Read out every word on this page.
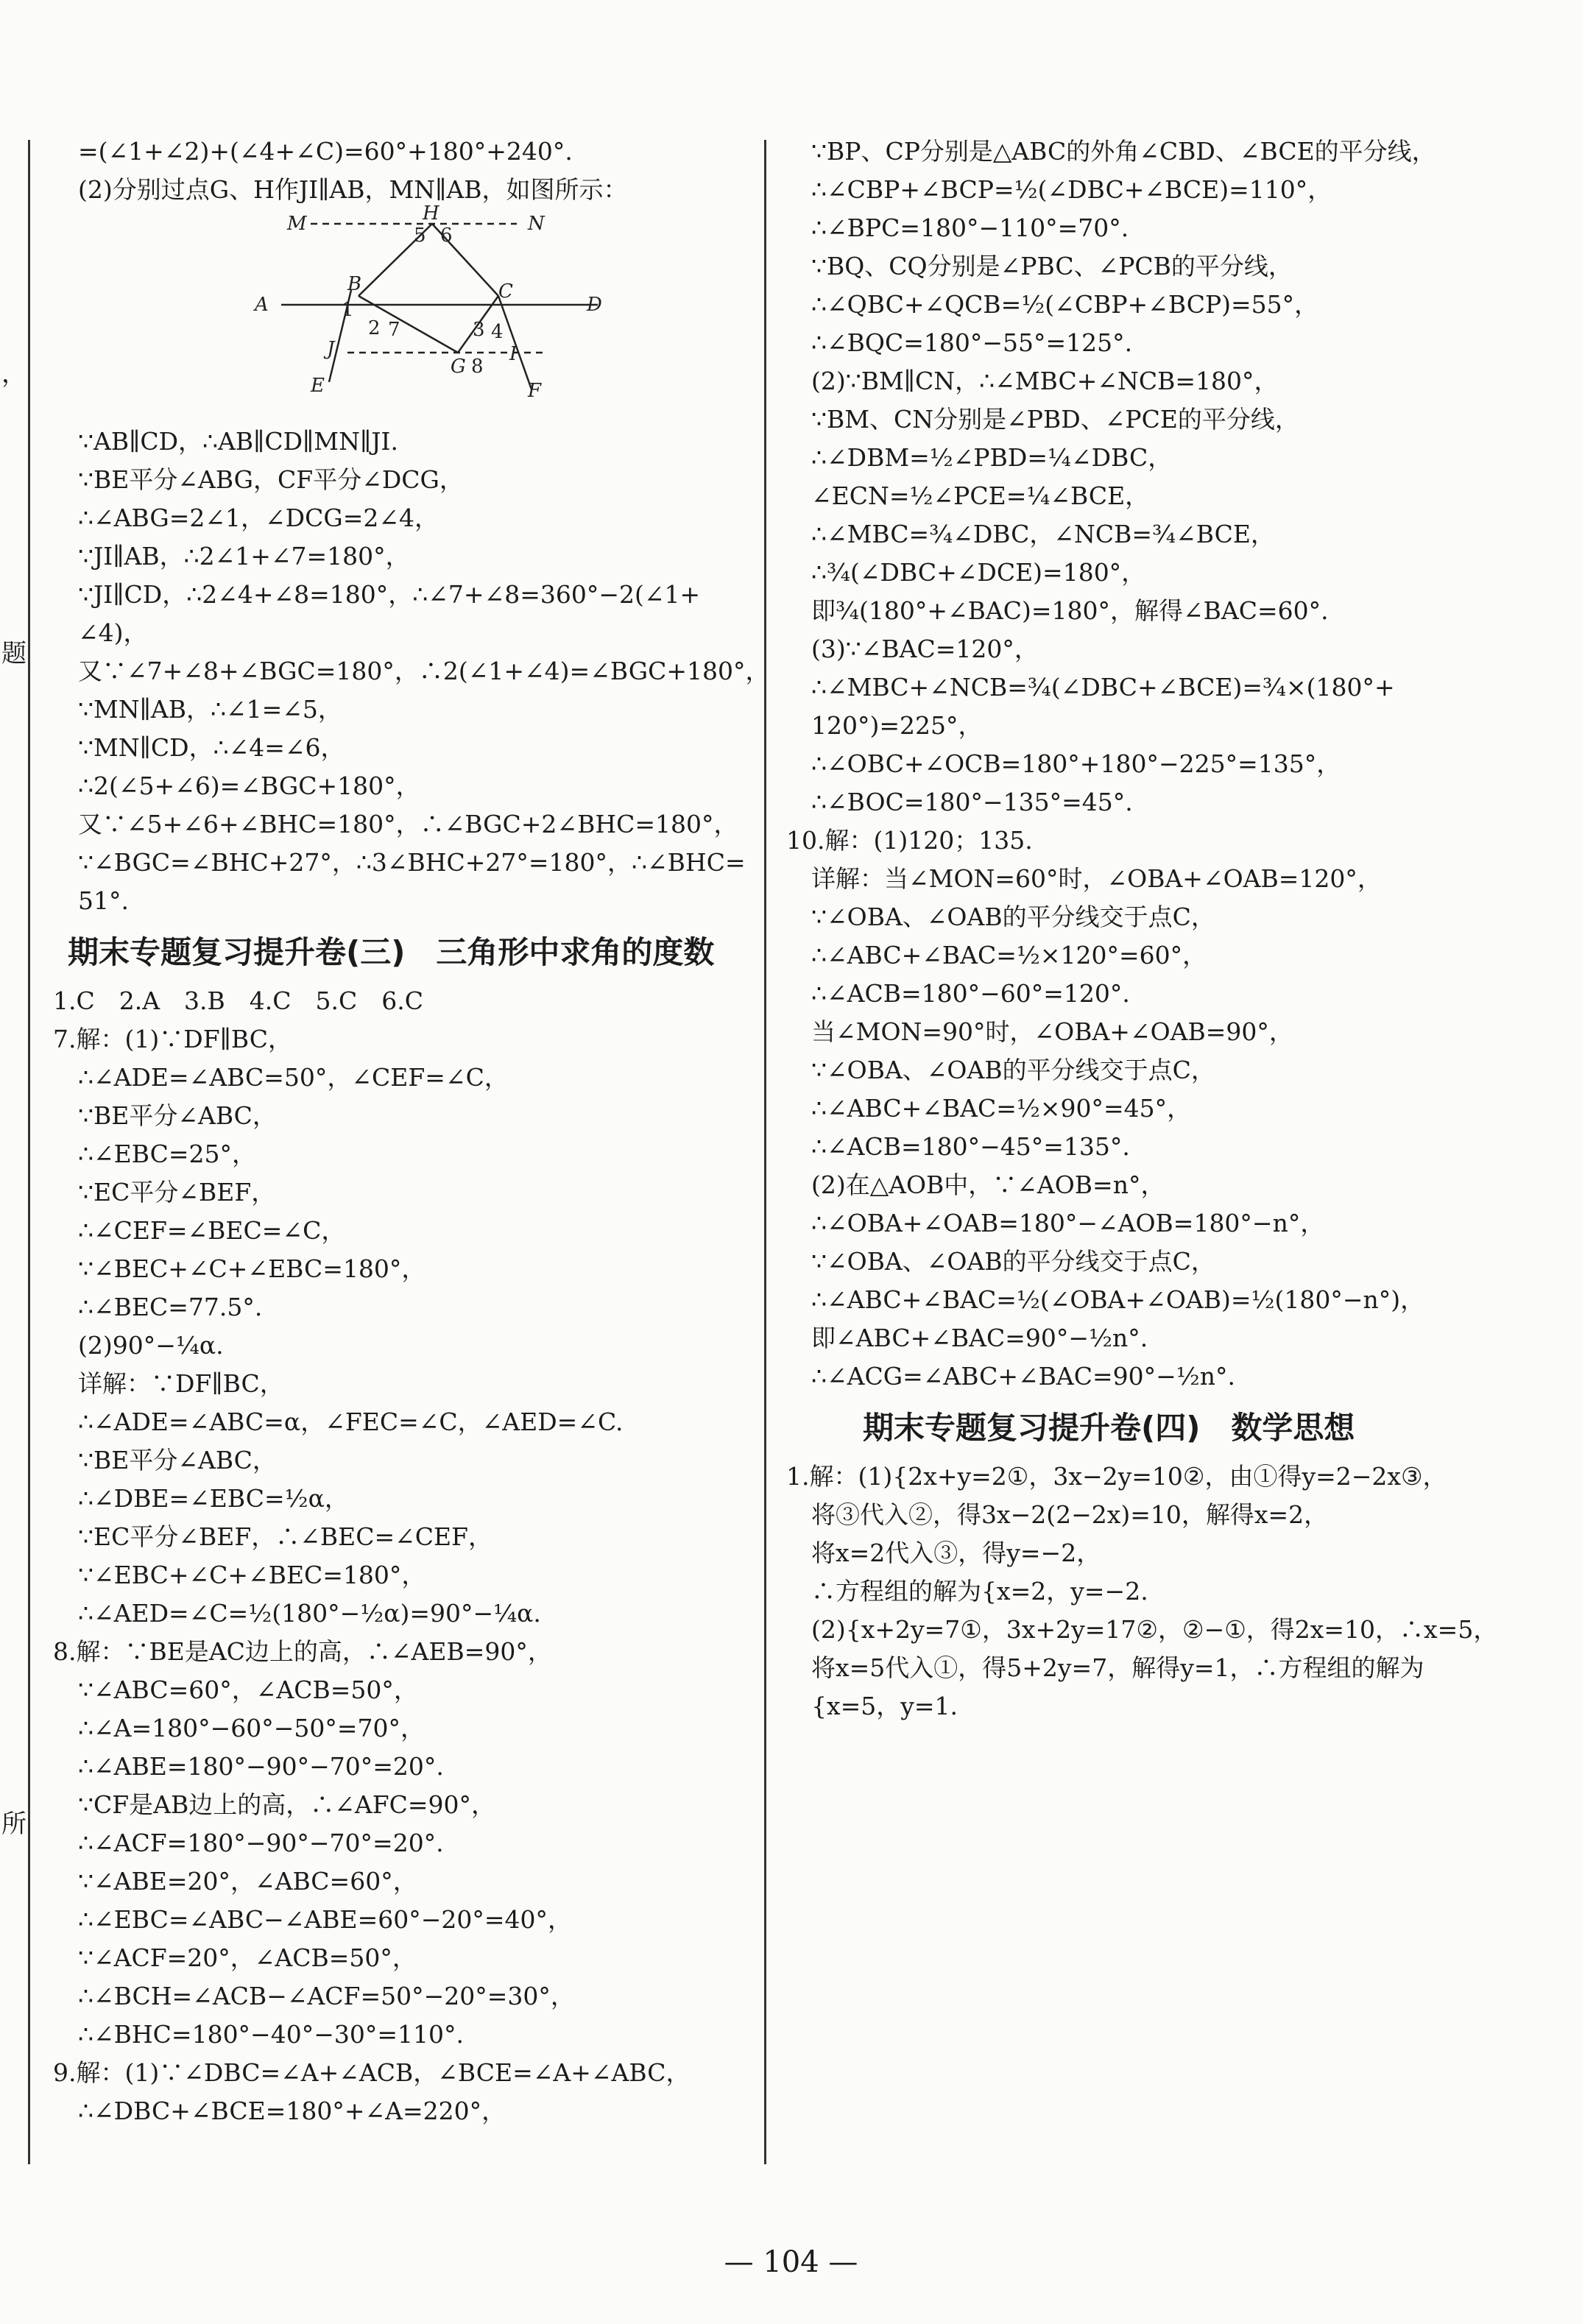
，
题
所
=(∠1+∠2)+(∠4+∠C)=60°+180°+240°.
(2)分别过点G、H作JI∥AB，MN∥AB，如图所示：
M	H	N
5 6
A
B
1
C
D
2 7	3 4
J
E
G 8
I
F
∵AB∥CD，∴AB∥CD∥MN∥JI.
∵BE平分∠ABG，CF平分∠DCG，
∴∠ABG=2∠1，∠DCG=2∠4，
∵JI∥AB，∴2∠1+∠7=180°，
∵JI∥CD，∴2∠4+∠8=180°，∴∠7+∠8=360°−2(∠1+
∠4)，
又∵∠7+∠8+∠BGC=180°，∴2(∠1+∠4)=∠BGC+180°，
∵MN∥AB，∴∠1=∠5，
∵MN∥CD，∴∠4=∠6，
∴2(∠5+∠6)=∠BGC+180°，
又∵∠5+∠6+∠BHC=180°，∴∠BGC+2∠BHC=180°，
∵∠BGC=∠BHC+27°，∴3∠BHC+27°=180°，∴∠BHC=
51°.
期末专题复习提升卷(三)　三角形中求角的度数
1.C　2.A　3.B　4.C　5.C　6.C
7.解：(1)∵DF∥BC，
∴∠ADE=∠ABC=50°，∠CEF=∠C，
∵BE平分∠ABC，
∴∠EBC=25°，
∵EC平分∠BEF，
∴∠CEF=∠BEC=∠C，
∵∠BEC+∠C+∠EBC=180°，
∴∠BEC=77.5°.
(2)90°−¼α.
详解：∵DF∥BC，
∴∠ADE=∠ABC=α，∠FEC=∠C，∠AED=∠C.
∵BE平分∠ABC，
∴∠DBE=∠EBC=½α，
∵EC平分∠BEF，∴∠BEC=∠CEF，
∵∠EBC+∠C+∠BEC=180°，
∴∠AED=∠C=½(180°−½α)=90°−¼α.
8.解：∵BE是AC边上的高，∴∠AEB=90°，
∵∠ABC=60°，∠ACB=50°，
∴∠A=180°−60°−50°=70°，
∴∠ABE=180°−90°−70°=20°.
∵CF是AB边上的高，∴∠AFC=90°，
∴∠ACF=180°−90°−70°=20°.
∵∠ABE=20°，∠ABC=60°，
∴∠EBC=∠ABC−∠ABE=60°−20°=40°，
∵∠ACF=20°，∠ACB=50°，
∴∠BCH=∠ACB−∠ACF=50°−20°=30°，
∴∠BHC=180°−40°−30°=110°.
9.解：(1)∵∠DBC=∠A+∠ACB，∠BCE=∠A+∠ABC，
∴∠DBC+∠BCE=180°+∠A=220°，
∵BP、CP分别是△ABC的外角∠CBD、∠BCE的平分线，
∴∠CBP+∠BCP=½(∠DBC+∠BCE)=110°，
∴∠BPC=180°−110°=70°.
∵BQ、CQ分别是∠PBC、∠PCB的平分线，
∴∠QBC+∠QCB=½(∠CBP+∠BCP)=55°，
∴∠BQC=180°−55°=125°.
(2)∵BM∥CN，∴∠MBC+∠NCB=180°，
∵BM、CN分别是∠PBD、∠PCE的平分线，
∴∠DBM=½∠PBD=¼∠DBC，
∠ECN=½∠PCE=¼∠BCE，
∴∠MBC=¾∠DBC，∠NCB=¾∠BCE，
∴¾(∠DBC+∠DCE)=180°，
即¾(180°+∠BAC)=180°，解得∠BAC=60°.
(3)∵∠BAC=120°，
∴∠MBC+∠NCB=¾(∠DBC+∠BCE)=¾×(180°+
120°)=225°，
∴∠OBC+∠OCB=180°+180°−225°=135°，
∴∠BOC=180°−135°=45°.
10.解：(1)120；135.
详解：当∠MON=60°时，∠OBA+∠OAB=120°，
∵∠OBA、∠OAB的平分线交于点C，
∴∠ABC+∠BAC=½×120°=60°，
∴∠ACB=180°−60°=120°.
当∠MON=90°时，∠OBA+∠OAB=90°，
∵∠OBA、∠OAB的平分线交于点C，
∴∠ABC+∠BAC=½×90°=45°，
∴∠ACB=180°−45°=135°.
(2)在△AOB中，∵∠AOB=n°，
∴∠OBA+∠OAB=180°−∠AOB=180°−n°，
∵∠OBA、∠OAB的平分线交于点C，
∴∠ABC+∠BAC=½(∠OBA+∠OAB)=½(180°−n°)，
即∠ABC+∠BAC=90°−½n°.
∴∠ACG=∠ABC+∠BAC=90°−½n°.
期末专题复习提升卷(四)　数学思想
1.解：(1){2x+y=2①，3x−2y=10②，由①得y=2−2x③，
将③代入②，得3x−2(2−2x)=10，解得x=2，
将x=2代入③，得y=−2，
∴方程组的解为{x=2，y=−2.
(2){x+2y=7①，3x+2y=17②，②−①，得2x=10，∴x=5，
将x=5代入①，得5+2y=7，解得y=1，∴方程组的解为
{x=5，y=1.
— 104 —
